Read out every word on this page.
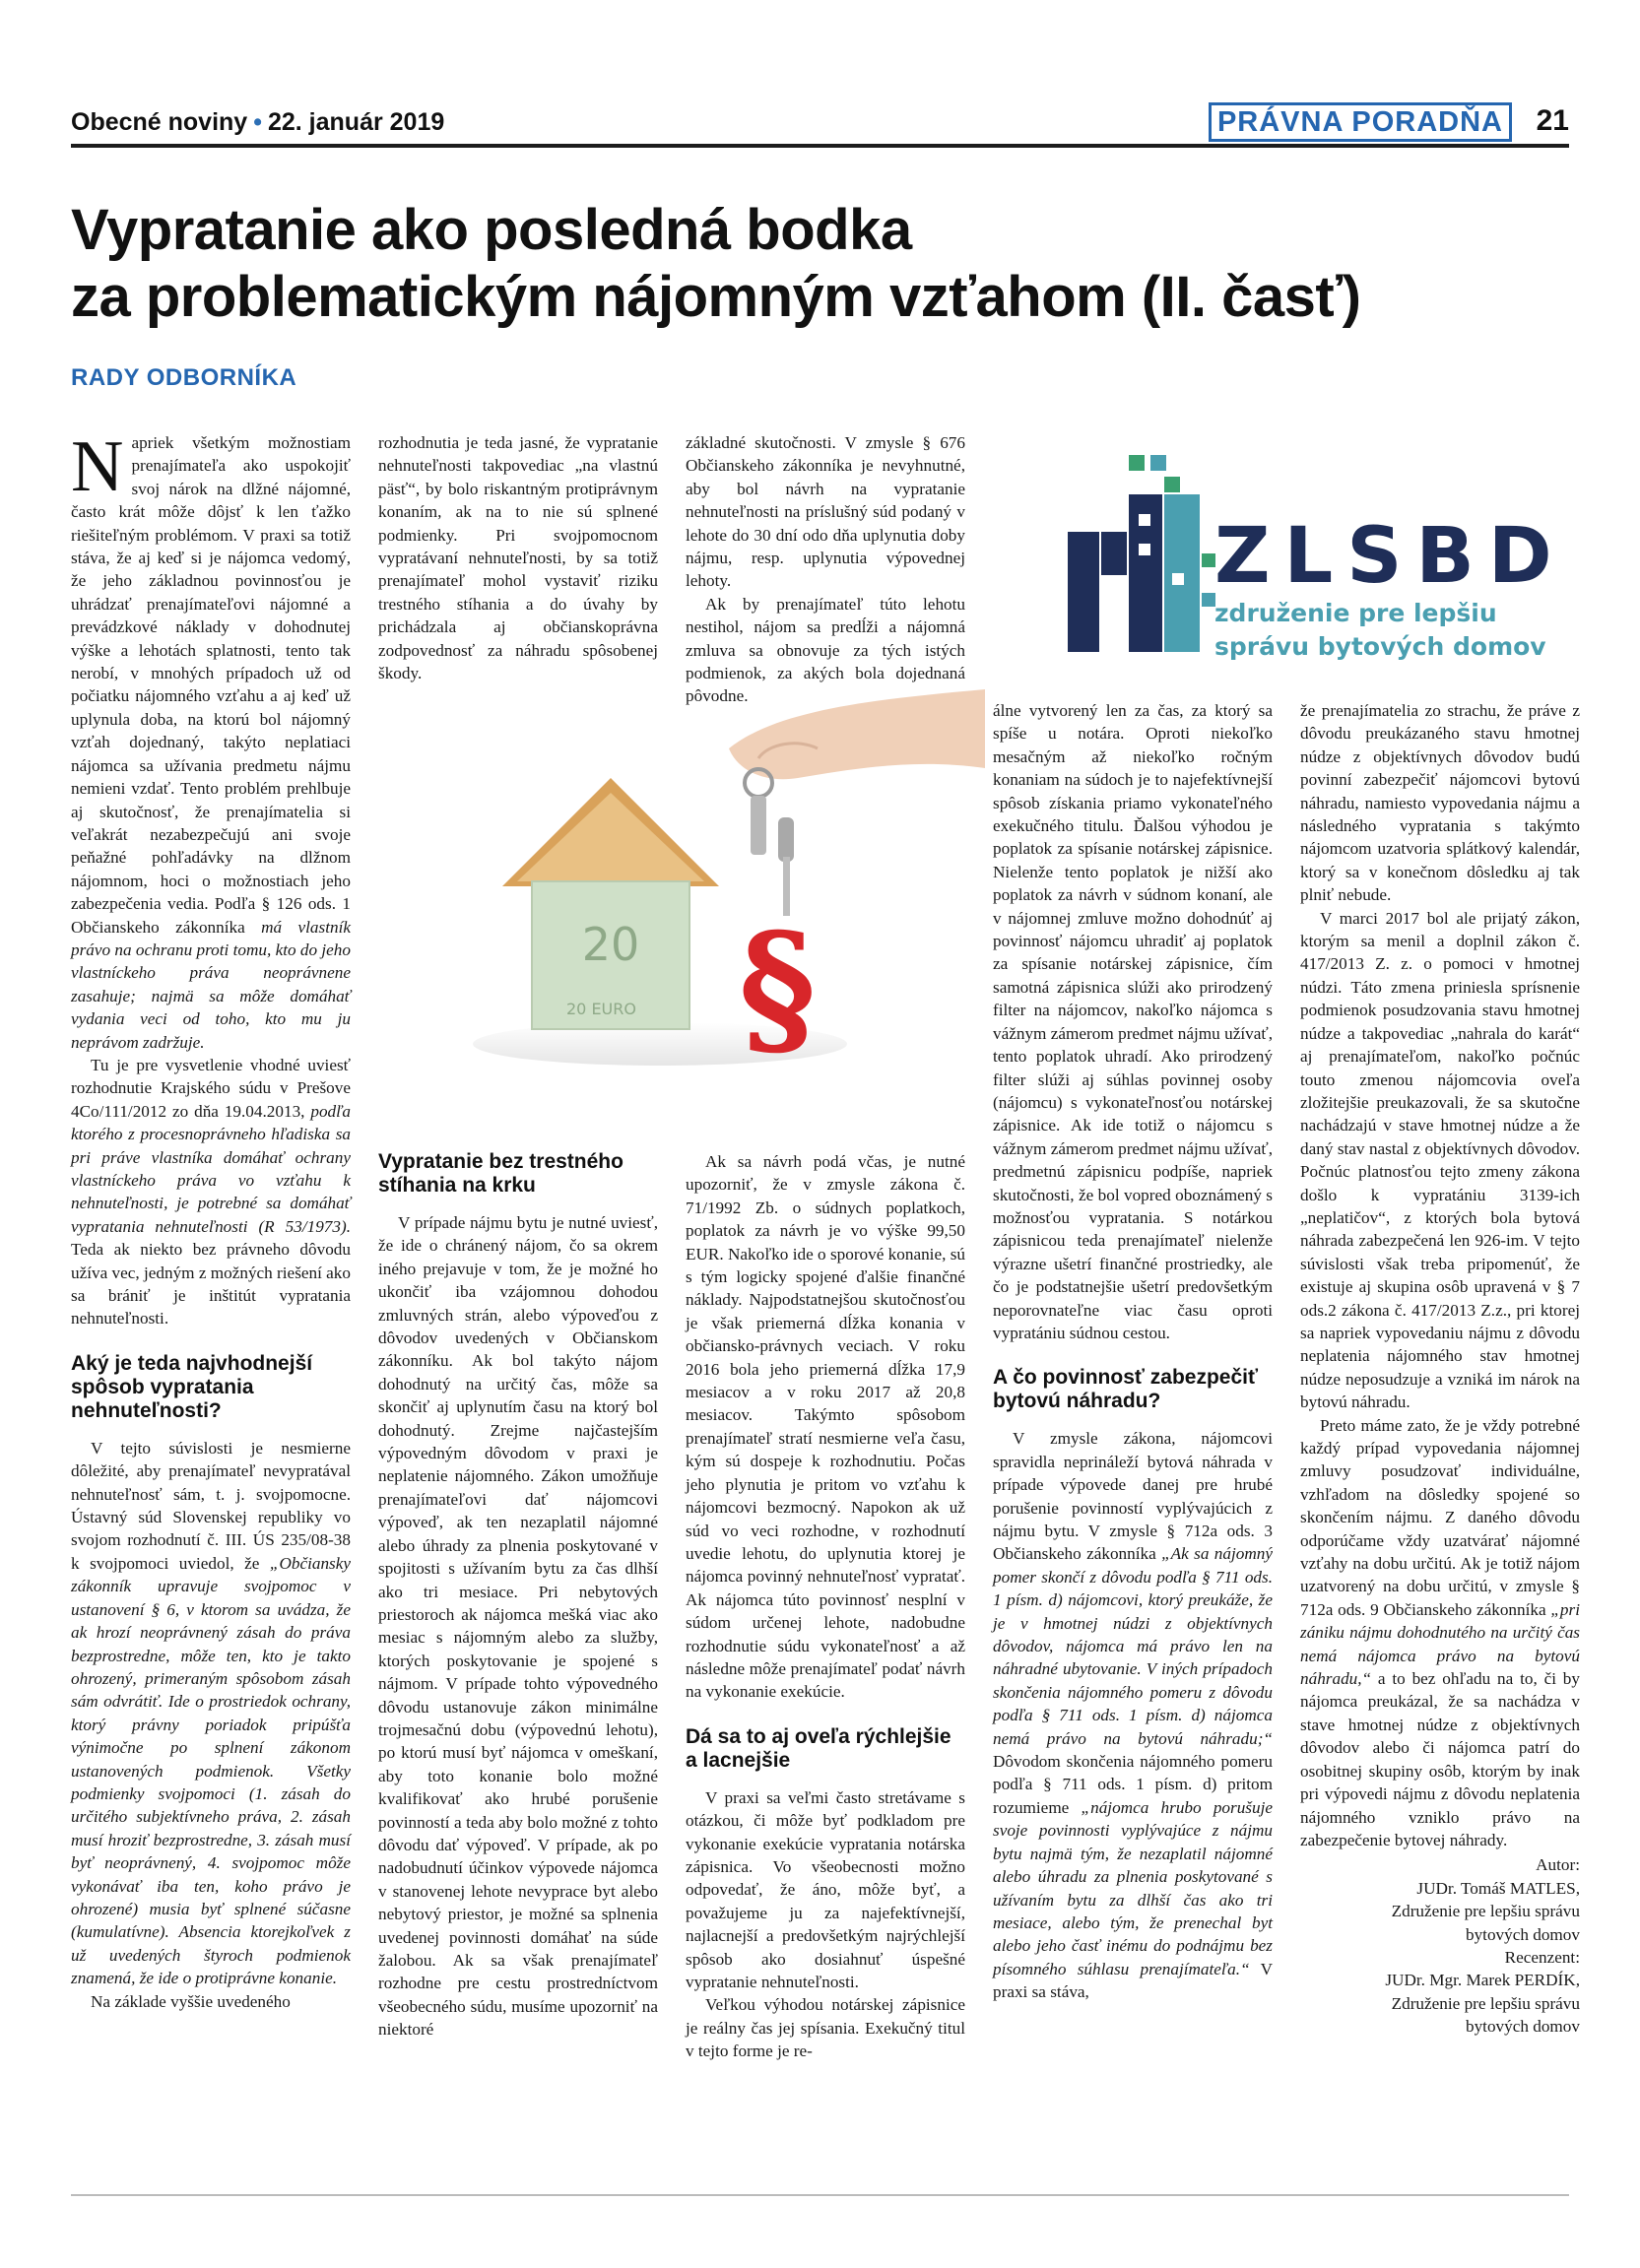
Obecné noviny • 22. január 2019	PRÁVNA PORADŇA	21
Vypratanie ako posledná bodka
za problematickým nájomným vzťahom (II. časť)
RADY ODBORNÍKA
ZLSBD
združenie pre lepšiu
správu bytových domov
20
20 EURO §

Napriek všetkým možnostiam prenajímateľa ako uspokojiť svoj nárok na dlžné nájomné, často krát môže dôjsť k len ťažko riešiteľným problémom. V praxi sa totiž stáva, že aj keď si je nájomca vedomý, že jeho základnou povinnosťou je uhrádzať prenajímateľovi nájomné a prevádzkové náklady v dohodnutej výške a lehotách splatnosti, tento tak nerobí, v mnohých prípadoch už od počiatku nájomného vzťahu a aj keď už uplynula doba, na ktorú bol nájomný vzťah dojednaný, takýto neplatiaci nájomca sa užívania predmetu nájmu nemieni vzdať. Tento problém prehlbuje aj skutočnosť, že prenajímatelia si veľakrát nezabezpečujú ani svoje peňažné pohľadávky na dlžnom nájomnom, hoci o možnostiach jeho zabezpečenia vedia. Podľa § 126 ods. 1 Občianskeho zákonníka má vlastník právo na ochranu proti tomu, kto do jeho vlastníckeho práva neoprávnene zasahuje; najmä sa môže domáhať vydania veci od toho, kto mu ju neprávom zadržuje.

Tu je pre vysvetlenie vhodné uviesť rozhodnutie Krajského súdu v Prešove 4Co/111/2012 zo dňa 19.04.2013, podľa ktorého z procesnoprávneho hľadiska sa pri práve vlastníka domáhať ochrany vlastníckeho práva vo vzťahu k nehnuteľnosti, je potrebné sa domáhať vypratania nehnuteľnosti (R 53/1973). Teda ak niekto bez právneho dôvodu užíva vec, jedným z možných riešení ako sa brániť je inštitút vypratania nehnuteľnosti.

Aký je teda najvhodnejší spôsob vypratania nehnuteľnosti?

V tejto súvislosti je nesmierne dôležité, aby prenajímateľ nevypratával nehnuteľnosť sám, t. j. svojpomocne. Ústavný súd Slovenskej republiky vo svojom rozhodnutí č. III. ÚS 235/08-38 k svojpomoci uviedol, že „Občiansky zákonník upravuje svojpomoc v ustanovení § 6, v ktorom sa uvádza, že ak hrozí neoprávnený zásah do práva bezprostredne, môže ten, kto je takto ohrozený, primeraným spôsobom zásah sám odvrátiť. Ide o prostriedok ochrany, ktorý právny poriadok pripúšťa výnimočne po splnení zákonom ustanovených podmienok. Všetky podmienky svojpomoci (1. zásah do určitého subjektívneho práva, 2. zásah musí hroziť bezprostredne, 3. zásah musí byť neoprávnený, 4. svojpomoc môže vykonávať iba ten, koho právo je ohrozené) musia byť splnené súčasne (kumulatívne). Absencia ktorejkoľvek z už uvedených štyroch podmienok znamená, že ide o protiprávne konanie.

Na základe vyššie uvedeného

rozhodnutia je teda jasné, že vypratanie nehnuteľnosti takpovediac „na vlastnú päsť“, by bolo riskantným protiprávnym konaním, ak na to nie sú splnené podmienky. Pri svojpomocnom vypratávaní nehnuteľnosti, by sa totiž prenajímateľ mohol vystaviť riziku trestného stíhania a do úvahy by prichádzala aj občianskoprávna zodpovednosť za náhradu spôsobenej škody.

Vypratanie bez trestného stíhania na krku

V prípade nájmu bytu je nutné uviesť, že ide o chránený nájom, čo sa okrem iného prejavuje v tom, že je možné ho ukončiť iba vzájomnou dohodou zmluvných strán, alebo výpoveďou z dôvodov uvedených v Občianskom zákonníku. Ak bol takýto nájom dohodnutý na určitý čas, môže sa skončiť aj uplynutím času na ktorý bol dohodnutý. Zrejme najčastejším výpovedným dôvodom v praxi je neplatenie nájomného. Zákon umožňuje prenajímateľovi dať nájomcovi výpoveď, ak ten nezaplatil nájomné alebo úhrady za plnenia poskytované v spojitosti s užívaním bytu za čas dlhší ako tri mesiace. Pri nebytových priestoroch ak nájomca mešká viac ako mesiac s nájomným alebo za služby, ktorých poskytovanie je spojené s nájmom. V prípade tohto výpovedného dôvodu ustanovuje zákon minimálne trojmesačnú dobu (výpovednú lehotu), po ktorú musí byť nájomca v omeškaní, aby toto konanie bolo možné kvalifikovať ako hrubé porušenie povinností a teda aby bolo možné z tohto dôvodu dať výpoveď. V prípade, ak po nadobudnutí účinkov výpovede nájomca v stanovenej lehote nevyprace byt alebo nebytový priestor, je možné sa splnenia uvedenej povinnosti domáhať na súde žalobou. Ak sa však prenajímateľ rozhodne pre cestu prostredníctvom všeobecného súdu, musíme upozorniť na niektoré

základné skutočnosti. V zmysle § 676 Občianskeho zákonníka je nevyhnutné, aby bol návrh na vypratanie nehnuteľnosti na príslušný súd podaný v lehote do 30 dní odo dňa uplynutia doby nájmu, resp. uplynutia výpovednej lehoty.

Ak by prenajímateľ túto lehotu nestihol, nájom sa predĺži a nájomná zmluva sa obnovuje za tých istých podmienok, za akých bola dojednaná pôvodne.

Ak sa návrh podá včas, je nutné upozorniť, že v zmysle zákona č. 71/1992 Zb. o súdnych poplatkoch, poplatok za návrh je vo výške 99,50 EUR. Nakoľko ide o sporové konanie, sú s tým logicky spojené ďalšie finančné náklady. Najpodstatnejšou skutočnosťou je však priemerná dĺžka konania v občiansko-právnych veciach. V roku 2016 bola jeho priemerná dĺžka 17,9 mesiacov a v roku 2017 až 20,8 mesiacov. Takýmto spôsobom prenajímateľ stratí nesmierne veľa času, kým sú dospeje k rozhodnutiu. Počas jeho plynutia je pritom vo vzťahu k nájomcovi bezmocný. Napokon ak už súd vo veci rozhodne, v rozhodnutí uvedie lehotu, do uplynutia ktorej je nájomca povinný nehnuteľnosť vypratať. Ak nájomca túto povinnosť nesplní v súdom určenej lehote, nadobudne rozhodnutie súdu vykonateľnosť a až následne môže prenajímateľ podať návrh na vykonanie exekúcie.

Dá sa to aj oveľa rýchlejšie a lacnejšie

V praxi sa veľmi často stretávame s otázkou, či môže byť podkladom pre vykonanie exekúcie vypratania notárska zápisnica. Vo všeobecnosti možno odpovedať, že áno, môže byť, a považujeme ju za najefektívnejší, najlacnejší a predovšetkým najrýchlejší spôsob ako dosiahnuť úspešné vypratanie nehnuteľnosti.

Veľkou výhodou notárskej zápisnice je reálny čas jej spísania. Exekučný titul v tejto forme je re-

álne vytvorený len za čas, za ktorý sa spíše u notára. Oproti niekoľko mesačným až niekoľko ročným konaniam na súdoch je to najefektívnejší spôsob získania priamo vykonateľného exekučného titulu. Ďalšou výhodou je poplatok za spísanie notárskej zápisnice. Nielenže tento poplatok je nižší ako poplatok za návrh v súdnom konaní, ale v nájomnej zmluve možno dohodnúť aj povinnosť nájomcu uhradiť aj poplatok za spísanie notárskej zápisnice, čím samotná zápisnica slúži ako prirodzený filter na nájomcov, nakoľko nájomca s vážnym zámerom predmet nájmu užívať, tento poplatok uhradí. Ako prirodzený filter slúži aj súhlas povinnej osoby (nájomcu) s vykonateľnosťou notárskej zápisnice. Ak ide totiž o nájomcu s vážnym zámerom predmet nájmu užívať, predmetnú zápisnicu podpíše, napriek skutočnosti, že bol vopred oboznámený s možnosťou vypratania. S notárkou zápisnicou teda prenajímateľ nielenže výrazne ušetrí finančné prostriedky, ale čo je podstatnejšie ušetrí predovšetkým neporovnateľne viac času oproti vypratániu súdnou cestou.

A čo povinnosť zabezpečiť bytovú náhradu?

V zmysle zákona, nájomcovi spravidla neprináleží bytová náhrada v prípade výpovede danej pre hrubé porušenie povinností vyplývajúcich z nájmu bytu. V zmysle § 712a ods. 3 Občianskeho zákonníka „Ak sa nájomný pomer skončí z dôvodu podľa § 711 ods. 1 písm. d) nájomcovi, ktorý preukáže, že je v hmotnej núdzi z objektívnych dôvodov, nájomca má právo len na náhradné ubytovanie. V iných prípadoch skončenia nájomného pomeru z dôvodu podľa § 711 ods. 1 písm. d) nájomca nemá právo na bytovú náhradu;“ Dôvodom skončenia nájomného pomeru podľa § 711 ods. 1 písm. d) pritom rozumieme „nájomca hrubo porušuje svoje povinnosti vyplývajúce z nájmu bytu najmä tým, že nezaplatil nájomné alebo úhradu za plnenia poskytované s užívaním bytu za dlhší čas ako tri mesiace, alebo tým, že prenechal byt alebo jeho časť inému do podnájmu bez písomného súhlasu prenajímateľa.“ V praxi sa stáva,

že prenajímatelia zo strachu, že práve z dôvodu preukázaného stavu hmotnej núdze z objektívnych dôvodov budú povinní zabezpečiť nájomcovi bytovú náhradu, namiesto vypovedania nájmu a následného vypratania s takýmto nájomcom uzatvoria splátkový kalendár, ktorý sa v konečnom dôsledku aj tak plniť nebude.

V marci 2017 bol ale prijatý zákon, ktorým sa menil a doplnil zákon č. 417/2013 Z. z. o pomoci v hmotnej núdzi. Táto zmena priniesla sprísnenie podmienok posudzovania stavu hmotnej núdze a takpovediac „nahrala do karát“ aj prenajímateľom, nakoľko počnúc touto zmenou nájomcovia oveľa zložitejšie preukazovali, že sa skutočne nachádzajú v stave hmotnej núdze a že daný stav nastal z objektívnych dôvodov. Počnúc platnosťou tejto zmeny zákona došlo k vypratániu 3139-ich „neplatičov“, z ktorých bola bytová náhrada zabezpečená len 926-im. V tejto súvislosti však treba pripomenúť, že existuje aj skupina osôb upravená v § 7 ods.2 zákona č. 417/2013 Z.z., pri ktorej sa napriek vypovedaniu nájmu z dôvodu neplatenia nájomného stav hmotnej núdze neposudzuje a vzniká im nárok na bytovú náhradu.

Preto máme zato, že je vždy potrebné každý prípad vypovedania nájomnej zmluvy posudzovať individuálne, vzhľadom na dôsledky spojené so skončením nájmu. Z daného dôvodu odporúčame vždy uzatvárať nájomné vzťahy na dobu určitú. Ak je totiž nájom uzatvorený na dobu určitú, v zmysle § 712a ods. 9 Občianskeho zákonníka „pri zániku nájmu dohodnutého na určitý čas nemá nájomca právo na bytovú náhradu,“ a to bez ohľadu na to, či by nájomca preukázal, že sa nachádza v stave hmotnej núdze z objektívnych dôvodov alebo či nájomca patrí do osobitnej skupiny osôb, ktorým by inak pri výpovedi nájmu z dôvodu neplatenia nájomného vzniklo právo na zabezpečenie bytovej náhrady.

Autor:

JUDr. Tomáš MATLES,

Združenie pre lepšiu správu

bytových domov

Recenzent:

JUDr. Mgr. Marek PERDÍK,

Združenie pre lepšiu správu

bytových domov
